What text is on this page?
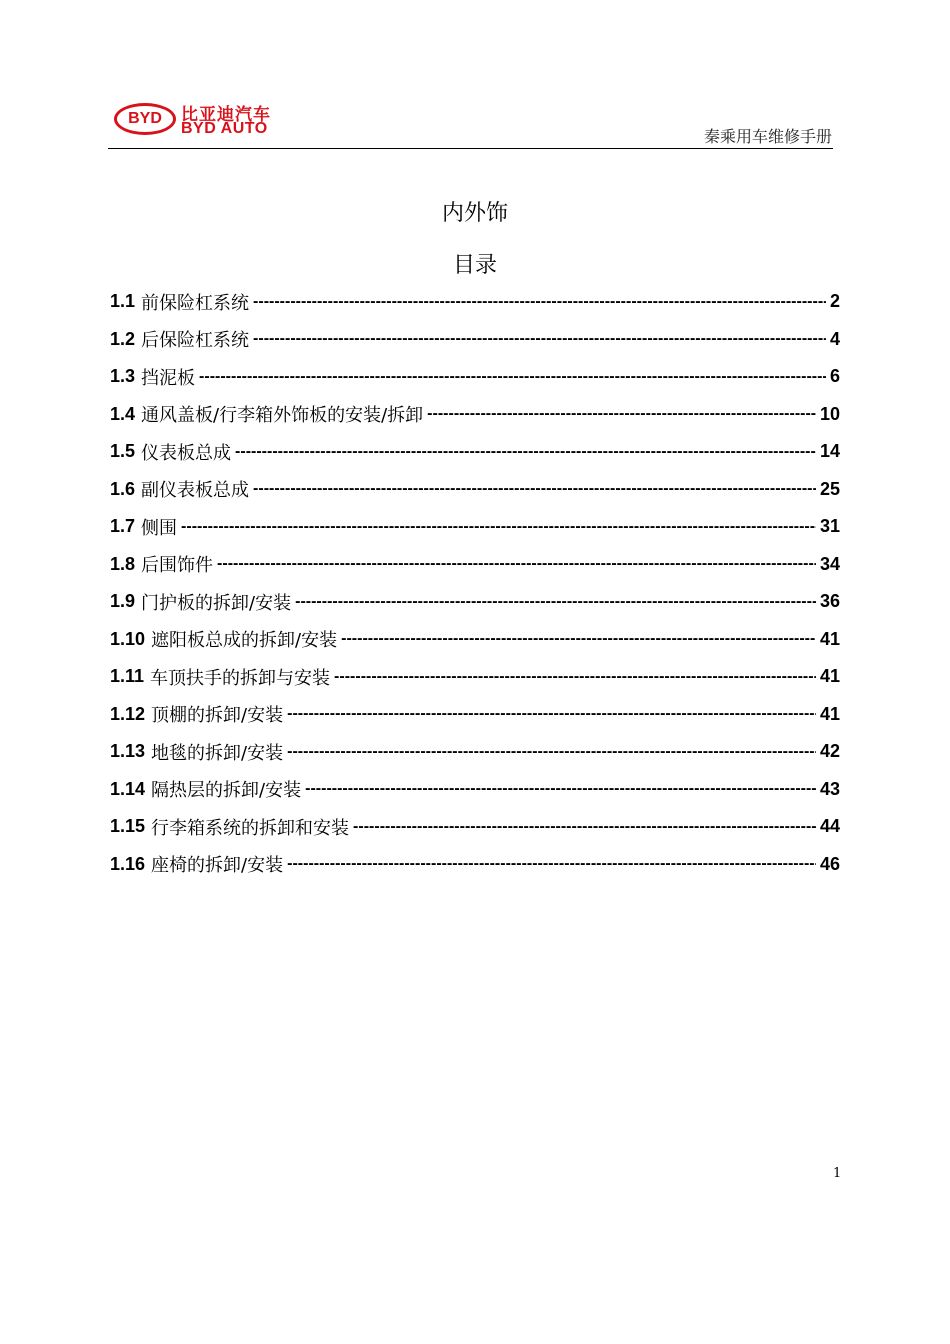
BYD 比亚迪汽车
BYD AUTO	秦乘用车维修手册
内外饰
目录
1.1 前保险杠系统 -----	2
1.2 后保险杠系统 -----	4
1.3 挡泥板 -----	6
1.4 通风盖板/行李箱外饰板的安装/拆卸 -----	10
1.5 仪表板总成 -----	14
1.6 副仪表板总成 -----	25
1.7 侧围 -----	31
1.8 后围饰件 -----	34
1.9 门护板的拆卸/安装 -----	36
1.10 遮阳板总成的拆卸/安装 -----	41
1.11 车顶扶手的拆卸与安装 -----	41
1.12 顶棚的拆卸/安装 -----	41
1.13 地毯的拆卸/安装 -----	42
1.14 隔热层的拆卸/安装 -----	43
1.15 行李箱系统的拆卸和安装 -----	44
1.16 座椅的拆卸/安装 -----	46
1
